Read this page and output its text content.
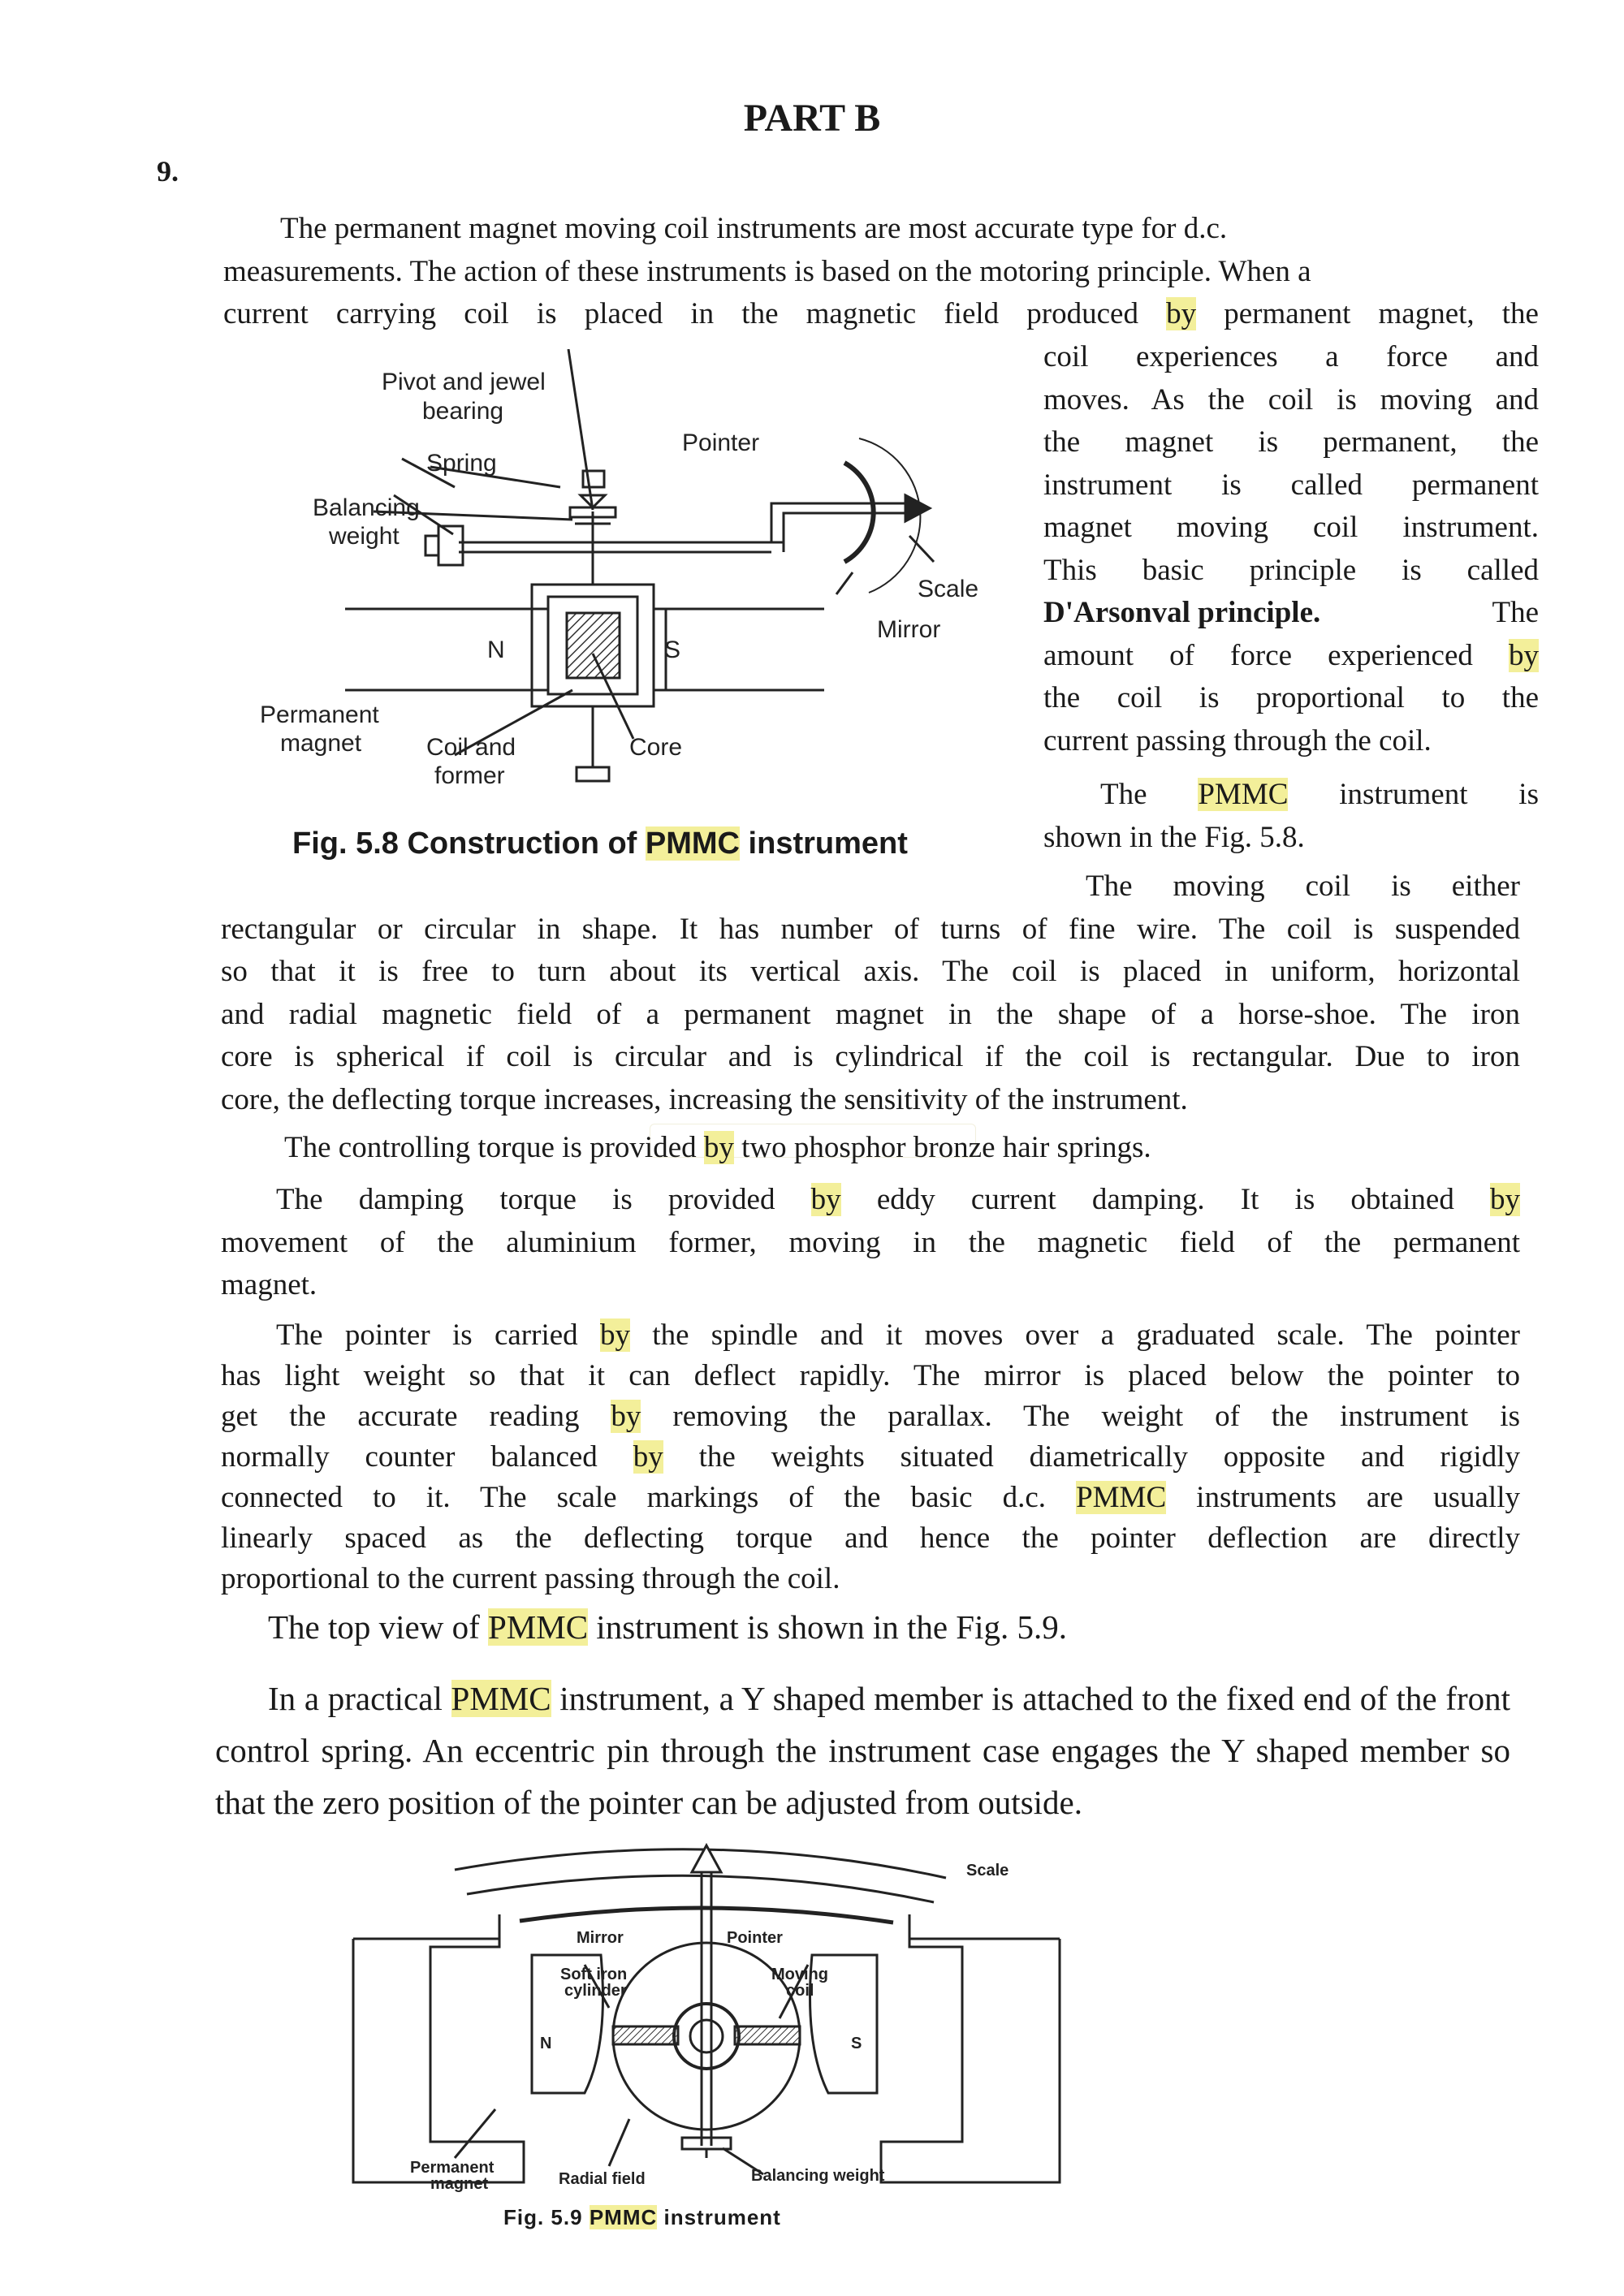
PART B
9.
The permanent magnet moving coil instruments are most accurate type for d.c.
measurements. The action of these instruments is based on the motoring principle. When a
current carrying coil is placed in the magnetic field produced by permanent magnet, the
coil experiences a force and
moves. As the coil is moving and
the magnet is permanent, the
instrument is called permanent
magnet moving coil instrument.
This basic principle is called
D'Arsonval principle.	The
amount of force experienced by
the coil is proportional to the
current passing through the coil.
The PMMC instrument is
shown in the Fig. 5.8.
Pivot and jewel
bearing
Spring
Pointer
Balancing
weight
Scale
Mirror
N	S
Permanent
magnet	Coil and
former
Core
Fig. 5.8 Construction of PMMC instrument
The moving coil is either
rectangular or circular in shape. It has number of turns of fine wire. The coil is suspended
so that it is free to turn about its vertical axis. The coil is placed in uniform, horizontal
and radial magnetic field of a permanent magnet in the shape of a horse-shoe. The iron
core is spherical if coil is circular and is cylindrical if the coil is rectangular. Due to iron
core, the deflecting torque increases, increasing the sensitivity of the instrument.
The controlling torque is provided by two phosphor bronze hair springs.
The damping torque is provided by eddy current damping. It is obtained by
movement of the aluminium former, moving in the magnetic field of the permanent
magnet.
The pointer is carried by the spindle and it moves over a graduated scale. The pointer
has light weight so that it can deflect rapidly. The mirror is placed below the pointer to
get the accurate reading by removing the parallax. The weight of the instrument is
normally counter balanced by the weights situated diametrically opposite and rigidly
connected to it. The scale markings of the basic d.c. PMMC instruments are usually
linearly spaced as the deflecting torque and hence the pointer deflection are directly
proportional to the current passing through the coil.
The top view of PMMC instrument is shown in the Fig. 5.9.
In a practical PMMC instrument, a Y shaped member is attached to the fixed end of the front control spring. An eccentric pin through the instrument case engages the Y shaped member so that the zero position of the pointer can be adjusted from outside.
Scale
Mirror	Pointer
Soft iron
cylinder
Moving
coil
N	S
Permanent
magnet	Radial field	Balancing weight
Fig. 5.9 PMMC instrument
